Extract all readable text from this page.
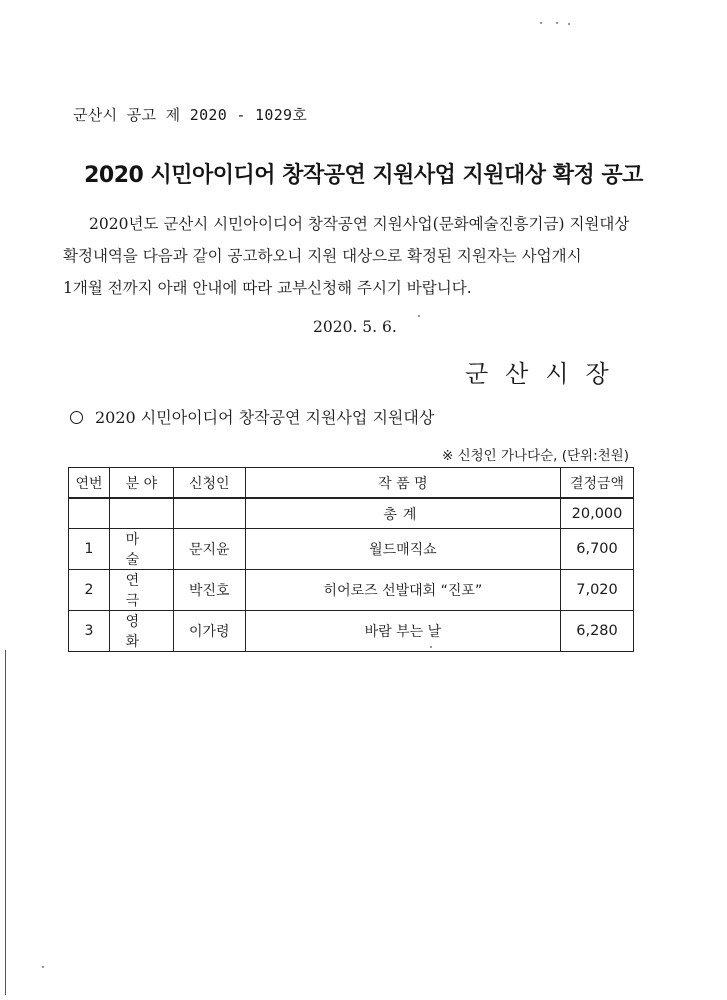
군산시 공고 제 2020 - 1029호
2020 시민아이디어 창작공연 지원사업 지원대상 확정 공고
2020년도 군산시 시민아이디어 창작공연 지원사업(문화예술진흥기금) 지원대상
확정내역을 다음과 같이 공고하오니 지원 대상으로 확정된 지원자는 사업개시
1개월 전까지 아래 안내에 따라 교부신청해 주시기 바랍니다.
2020. 5. 6.
군산시장
2020 시민아이디어 창작공연 지원사업 지원대상
※ 신청인 가나다순, (단위:천원)
연번	분 야	신청인	작 품 명	결정금액
			총계	20,000
1	마술	문지윤	월드매직쇼	6,700
2	연극	박진호	히어로즈 선발대회 “진포”	7,020
3	영화	이가령	바람 부는 날	6,280
